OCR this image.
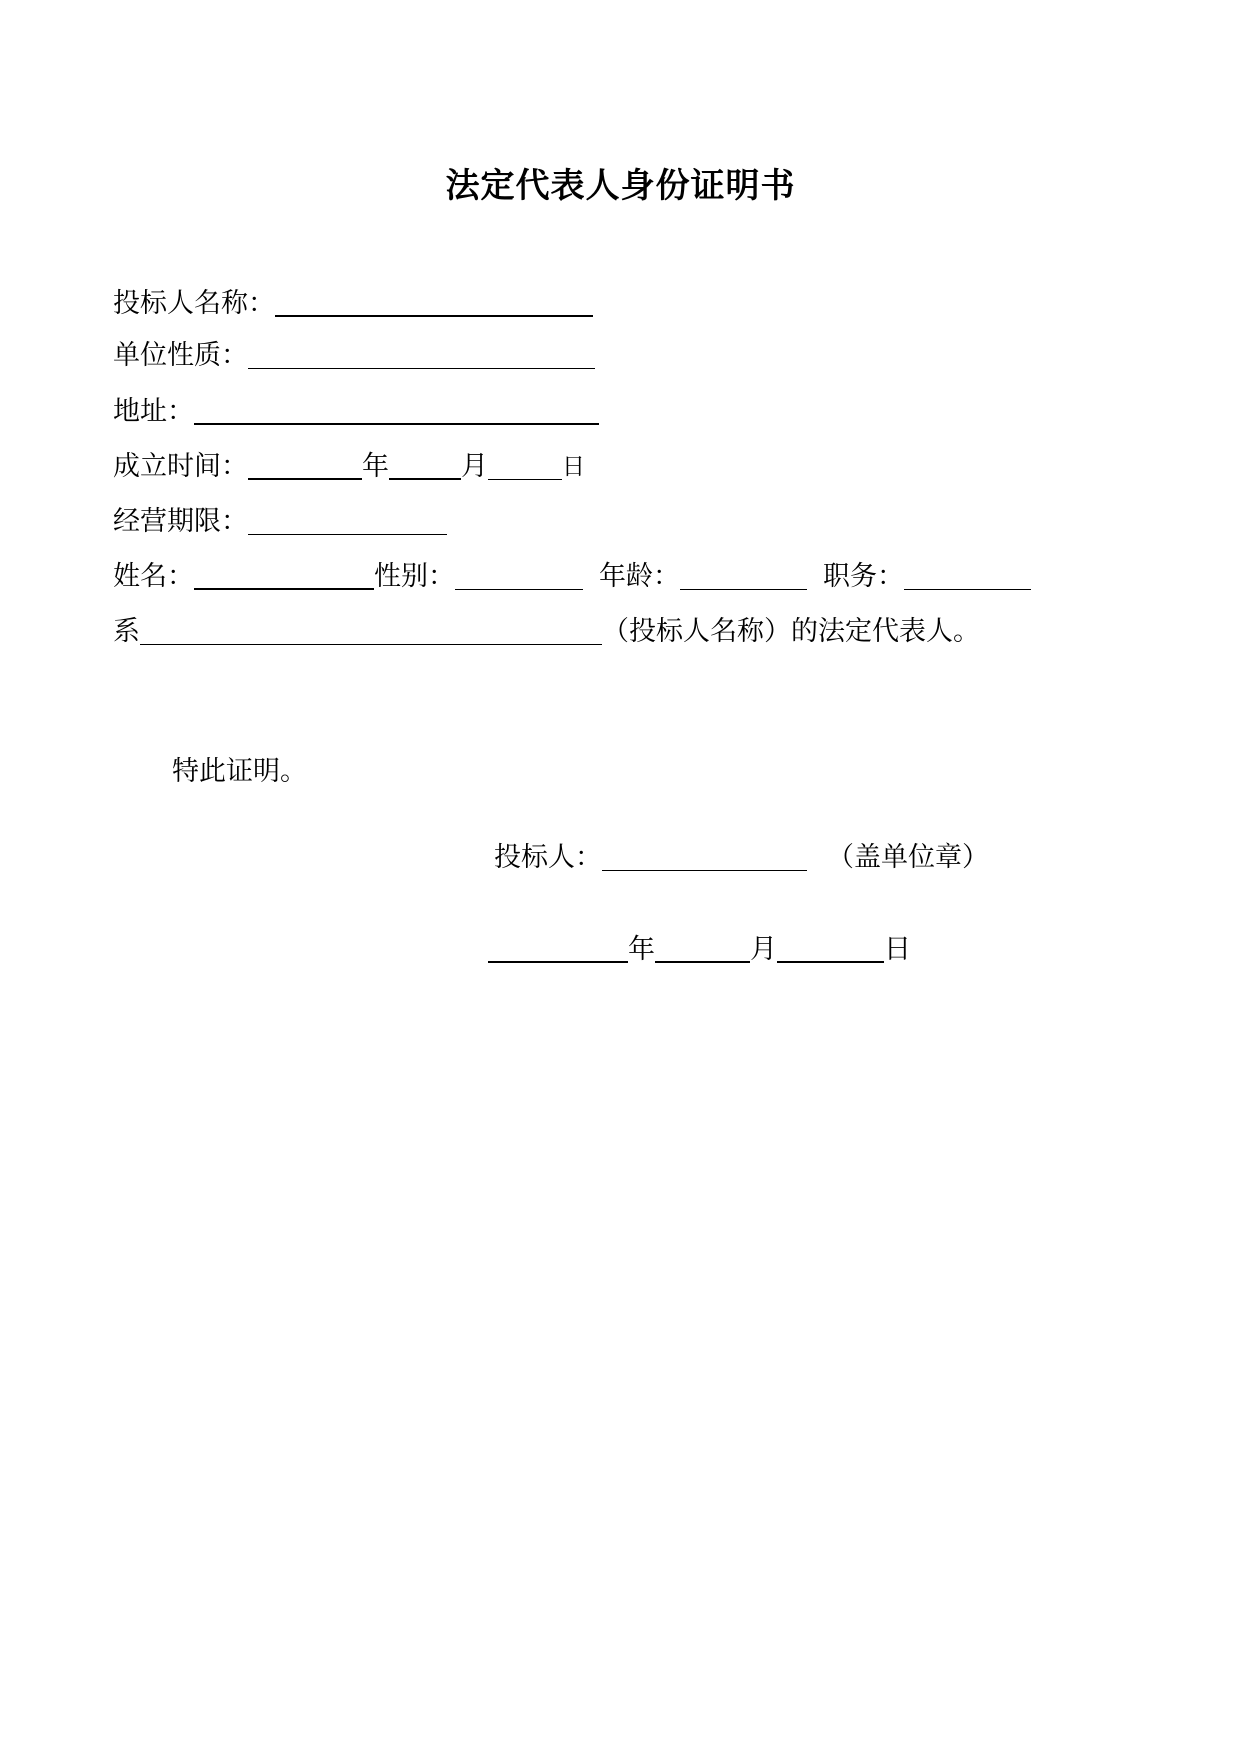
法定代表人身份证明书
投标人名称：
单位性质：
地址：
成立时间：	年	月	日
经营期限：
姓名：	性别：	年龄：	职务：
系	（投标人名称）的法定代表人。
特此证明。
投标人：	（盖单位章）
年	月	日
